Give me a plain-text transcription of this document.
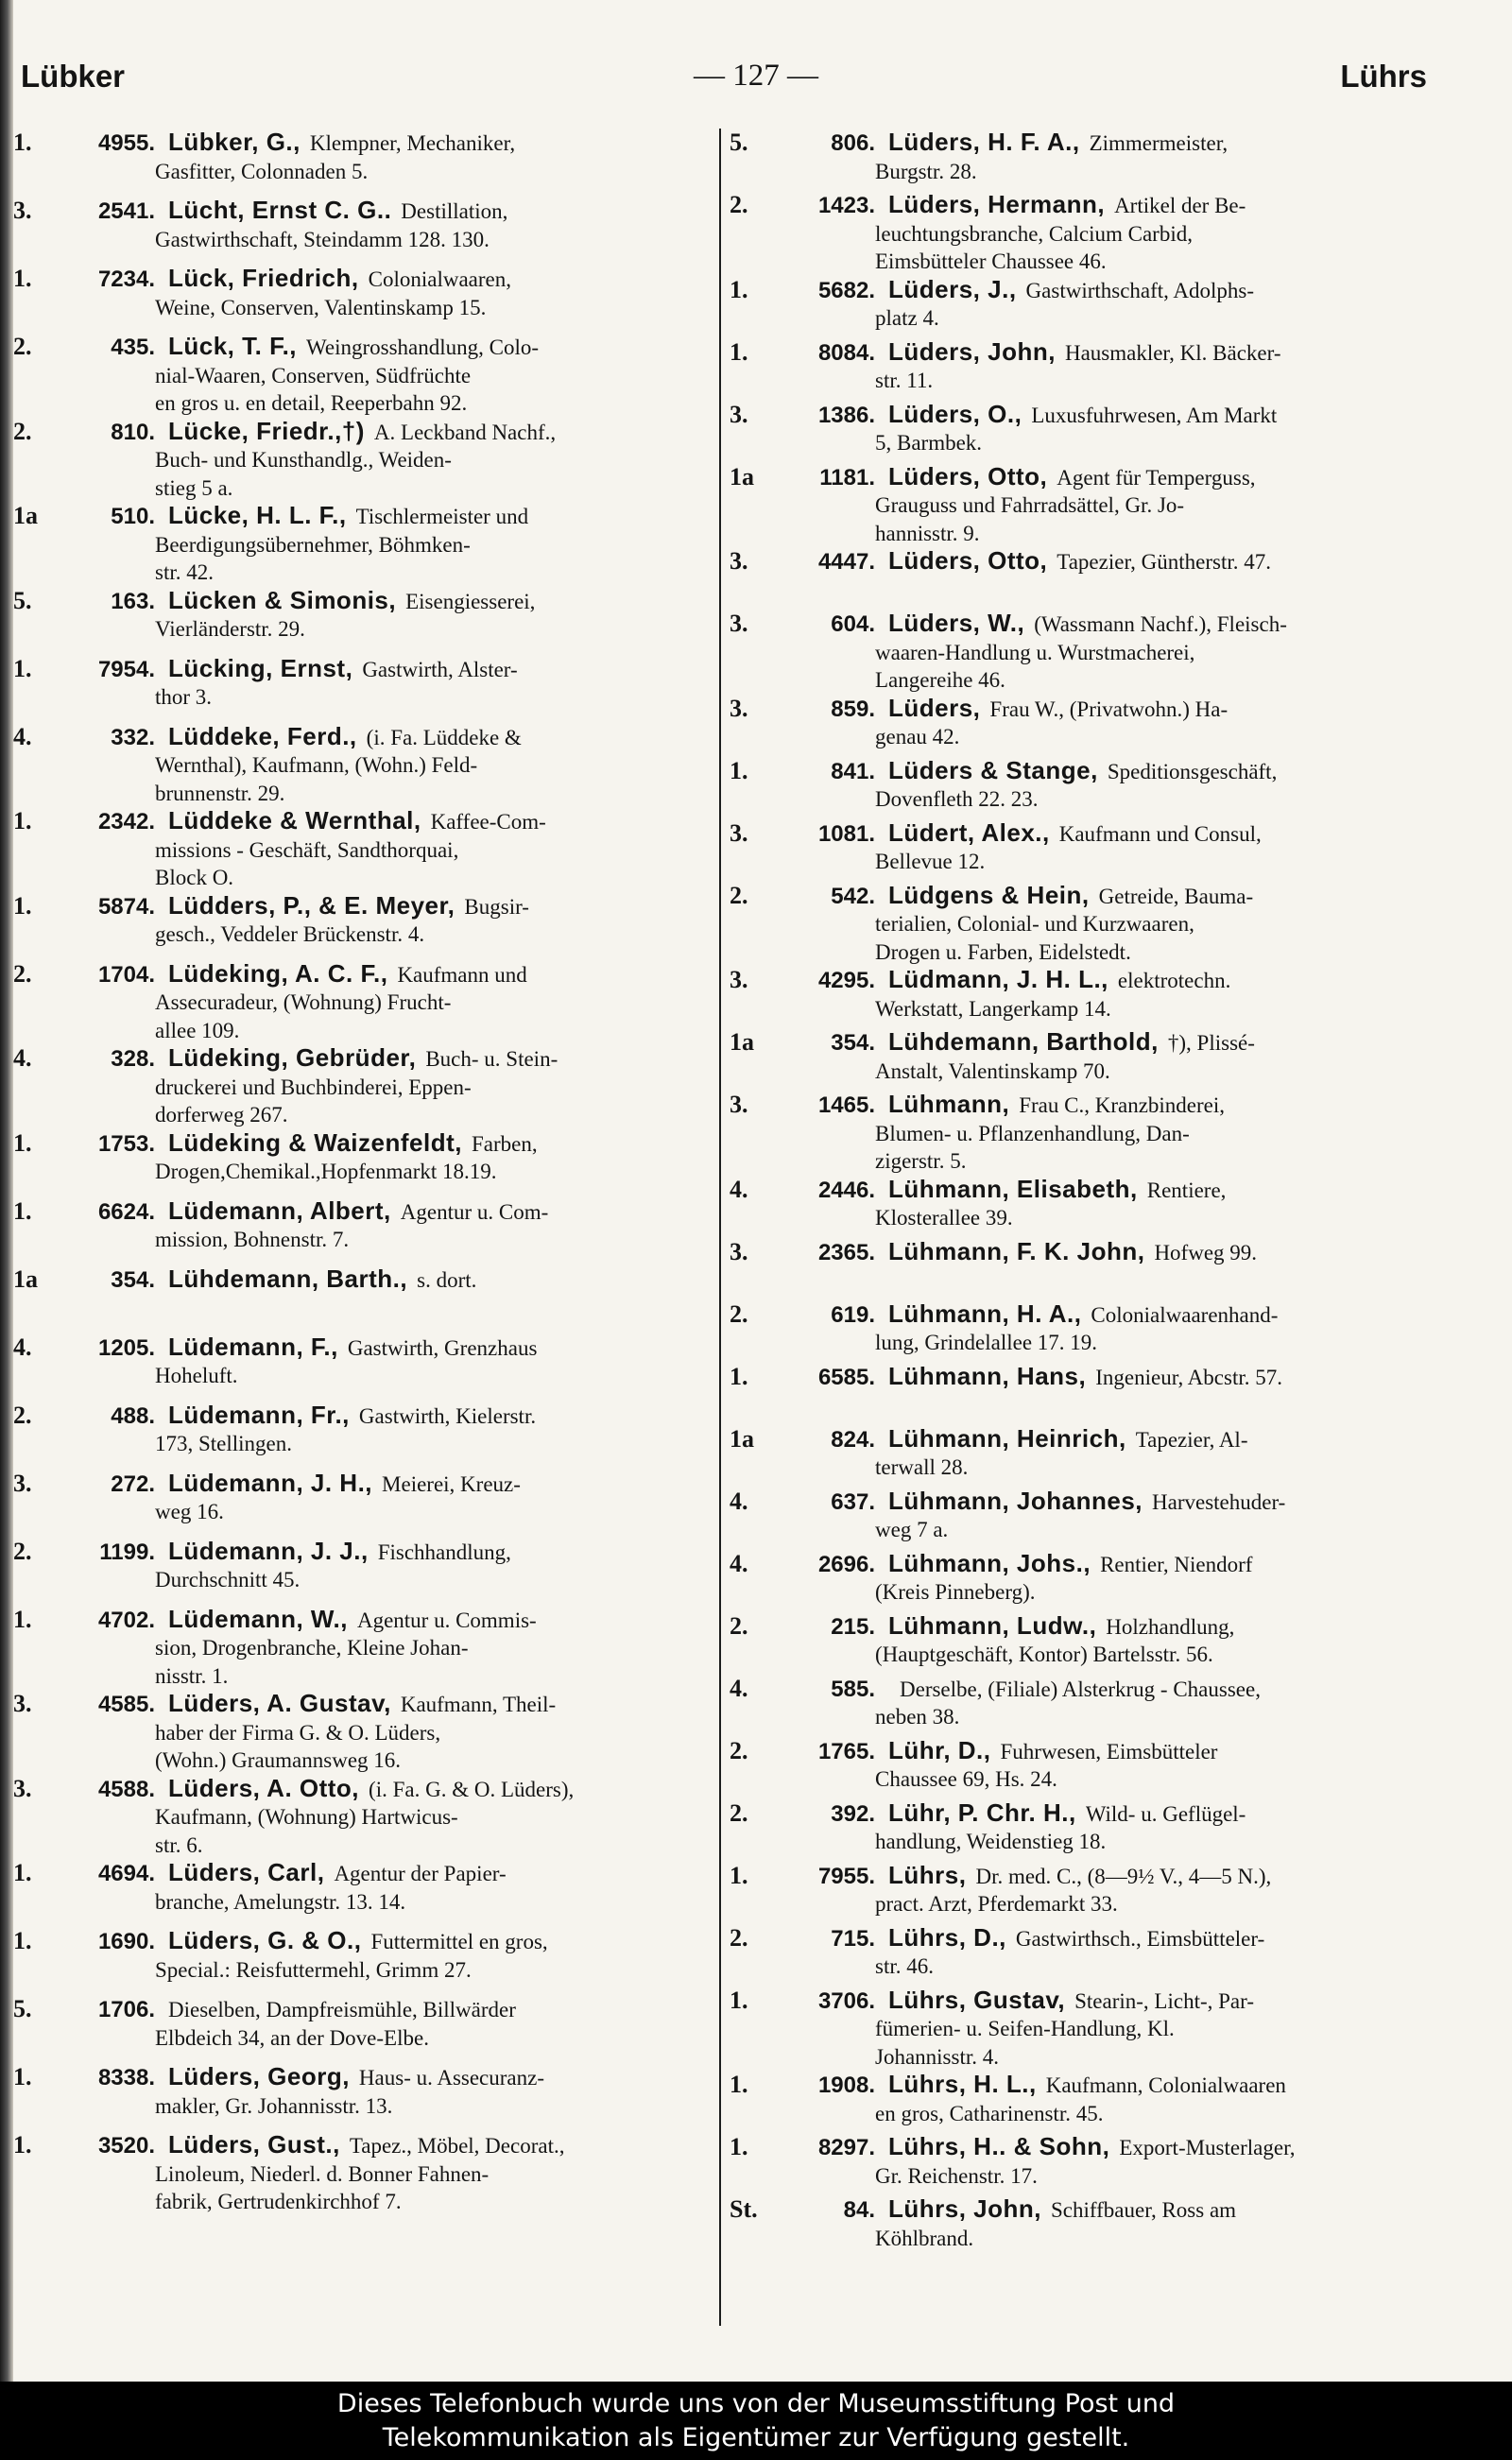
Lübker	— 127 —	Lührs
1.	4955. Lübker, G., Klempner, Mechaniker,
Gasfitter, Colonnaden 5.
3.	2541. Lücht, Ernst C. G.. Destillation,
Gastwirthschaft, Steindamm 128. 130.
1.	7234. Lück, Friedrich, Colonialwaaren,
Weine, Conserven, Valentinskamp 15.
2.	435. Lück, T. F., Weingrosshandlung, Colo-
nial-Waaren, Conserven, Südfrüchte
en gros u. en detail, Reeperbahn 92.
2.	810. Lücke, Friedr.,†) A. Leckband Nachf.,
Buch- und Kunsthandlg., Weiden-
stieg 5 a.
1a	510. Lücke, H. L. F., Tischlermeister und
Beerdigungsübernehmer, Böhmken-
str. 42.
5.	163. Lücken & Simonis, Eisengiesserei,
Vierländerstr. 29.
1.	7954. Lücking, Ernst, Gastwirth, Alster-
thor 3.
4.	332. Lüddeke, Ferd., (i. Fa. Lüddeke &
Wernthal), Kaufmann, (Wohn.) Feld-
brunnenstr. 29.
1.	2342. Lüddeke & Wernthal, Kaffee-Com-
missions - Geschäft, Sandthorquai,
Block O.
1.	5874. Lüdders, P., & E. Meyer, Bugsir-
gesch., Veddeler Brückenstr. 4.
2.	1704. Lüdeking, A. C. F., Kaufmann und
Assecuradeur, (Wohnung) Frucht-
allee 109.
4.	328. Lüdeking, Gebrüder, Buch- u. Stein-
druckerei und Buchbinderei, Eppen-
dorferweg 267.
1.	1753. Lüdeking & Waizenfeldt, Farben,
Drogen,Chemikal.,Hopfenmarkt 18.19.
1.	6624. Lüdemann, Albert, Agentur u. Com-
mission, Bohnenstr. 7.
1a	354. Lühdemann, Barth., s. dort.
4.	1205. Lüdemann, F., Gastwirth, Grenzhaus
Hoheluft.
2.	488. Lüdemann, Fr., Gastwirth, Kielerstr.
173, Stellingen.
3.	272. Lüdemann, J. H., Meierei, Kreuz-
weg 16.
2.	1199. Lüdemann, J. J., Fischhandlung,
Durchschnitt 45.
1.	4702. Lüdemann, W., Agentur u. Commis-
sion, Drogenbranche, Kleine Johan-
nisstr. 1.
3.	4585. Lüders, A. Gustav, Kaufmann, Theil-
haber der Firma G. & O. Lüders,
(Wohn.) Graumannsweg 16.
3.	4588. Lüders, A. Otto, (i. Fa. G. & O. Lüders),
Kaufmann, (Wohnung) Hartwicus-
str. 6.
1.	4694. Lüders, Carl, Agentur der Papier-
branche, Amelungstr. 13. 14.
1.	1690. Lüders, G. & O., Futtermittel en gros,
Special.: Reisfuttermehl, Grimm 27.
5.	1706. Dieselben, Dampfreismühle, Billwärder
Elbdeich 34, an der Dove-Elbe.
1.	8338. Lüders, Georg, Haus- u. Assecuranz-
makler, Gr. Johannisstr. 13.
1.	3520. Lüders, Gust., Tapez., Möbel, Decorat.,
Linoleum, Niederl. d. Bonner Fahnen-
fabrik, Gertrudenkirchhof 7.
5.	806. Lüders, H. F. A., Zimmermeister,
Burgstr. 28.
2.	1423. Lüders, Hermann, Artikel der Be-
leuchtungsbranche, Calcium Carbid,
Eimsbütteler Chaussee 46.
1.	5682. Lüders, J., Gastwirthschaft, Adolphs-
platz 4.
1.	8084. Lüders, John, Hausmakler, Kl. Bäcker-
str. 11.
3.	1386. Lüders, O., Luxusfuhrwesen, Am Markt
5, Barmbek.
1a	1181. Lüders, Otto, Agent für Temperguss,
Grauguss und Fahrradsättel, Gr. Jo-
hannisstr. 9.
3.	4447. Lüders, Otto, Tapezier, Güntherstr. 47.
3.	604. Lüders, W., (Wassmann Nachf.), Fleisch-
waaren-Handlung u. Wurstmacherei,
Langereihe 46.
3.	859. Lüders, Frau W., (Privatwohn.) Ha-
genau 42.
1.	841. Lüders & Stange, Speditionsgeschäft,
Dovenfleth 22. 23.
3.	1081. Lüdert, Alex., Kaufmann und Consul,
Bellevue 12.
2.	542. Lüdgens & Hein, Getreide, Bauma-
terialien, Colonial- und Kurzwaaren,
Drogen u. Farben, Eidelstedt.
3.	4295. Lüdmann, J. H. L., elektrotechn.
Werkstatt, Langerkamp 14.
1a	354. Lühdemann, Barthold, †), Plissé-
Anstalt, Valentinskamp 70.
3.	1465. Lühmann, Frau C., Kranzbinderei,
Blumen- u. Pflanzenhandlung, Dan-
zigerstr. 5.
4.	2446. Lühmann, Elisabeth, Rentiere,
Klosterallee 39.
3.	2365. Lühmann, F. K. John, Hofweg 99.
2.	619. Lühmann, H. A., Colonialwaarenhand-
lung, Grindelallee 17. 19.
1.	6585. Lühmann, Hans, Ingenieur, Abcstr. 57.
1a	824. Lühmann, Heinrich, Tapezier, Al-
terwall 28.
4.	637. Lühmann, Johannes, Harvestehuder-
weg 7 a.
4.	2696. Lühmann, Johs., Rentier, Niendorf
(Kreis Pinneberg).
2.	215. Lühmann, Ludw., Holzhandlung,
(Hauptgeschäft, Kontor) Bartelsstr. 56.
4.	585.	Derselbe, (Filiale) Alsterkrug - Chaussee,
neben 38.
2.	1765. Lühr, D., Fuhrwesen, Eimsbütteler
Chaussee 69, Hs. 24.
2.	392. Lühr, P. Chr. H., Wild- u. Geflügel-
handlung, Weidenstieg 18.
1.	7955. Lührs, Dr. med. C., (8—9½ V., 4—5 N.),
pract. Arzt, Pferdemarkt 33.
2.	715. Lührs, D., Gastwirthsch., Eimsbütteler-
str. 46.
1.	3706. Lührs, Gustav, Stearin-, Licht-, Par-
fümerien- u. Seifen-Handlung, Kl.
Johannisstr. 4.
1.	1908. Lührs, H. L., Kaufmann, Colonialwaaren
en gros, Catharinenstr. 45.
1.	8297. Lührs, H.. & Sohn, Export-Musterlager,
Gr. Reichenstr. 17.
St.	84. Lührs, John, Schiffbauer, Ross am
Köhlbrand.
Dieses Telefonbuch wurde uns von der Museumsstiftung Post und
Telekommunikation als Eigentümer zur Verfügung gestellt.
